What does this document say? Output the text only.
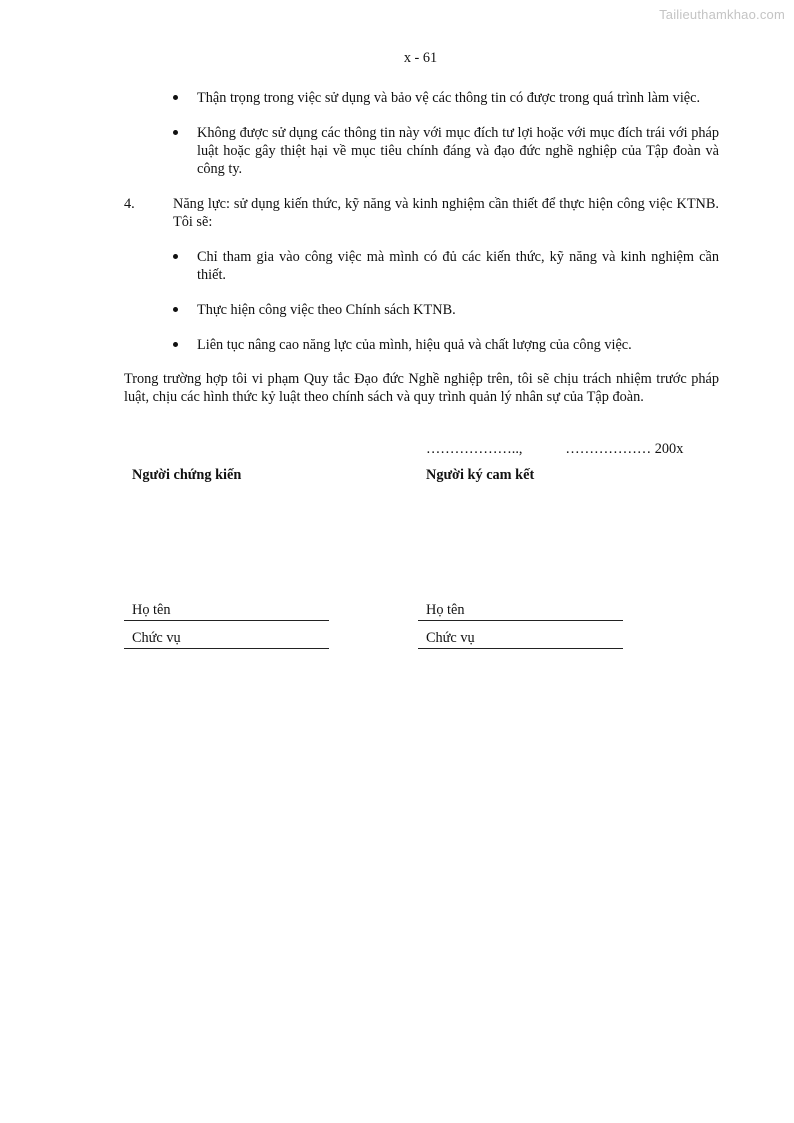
Tailieuthamkhao.com
x - 61
Thận trọng trong việc sử dụng và bảo vệ các thông tin có được trong quá trình làm việc.
Không được sử dụng các thông tin này với mục đích tư lợi hoặc với mục đích trái với pháp luật hoặc gây thiệt hại về mục tiêu chính đáng và đạo đức nghề nghiệp của Tập đoàn và công ty.
4.	Năng lực: sử dụng kiến thức, kỹ năng và kinh nghiệm cần thiết để thực hiện công việc KTNB. Tôi sẽ:
Chỉ tham gia vào công việc mà mình có đủ các kiến thức, kỹ năng và kinh nghiệm cần thiết.
Thực hiện công việc theo Chính sách KTNB.
Liên tục nâng cao năng lực của mình, hiệu quả và chất lượng của công việc.

Trong trường hợp tôi vi phạm Quy tắc Đạo đức Nghề nghiệp trên, tôi sẽ chịu trách nhiệm trước pháp luật, chịu các hình thức kỷ luật theo chính sách và quy trình quản lý nhân sự của Tập đoàn.

………………..,            ……………… 200x
Người chứng kiến
Họ tên
Chức vụ
Người ký cam kết
Họ tên
Chức vụ
